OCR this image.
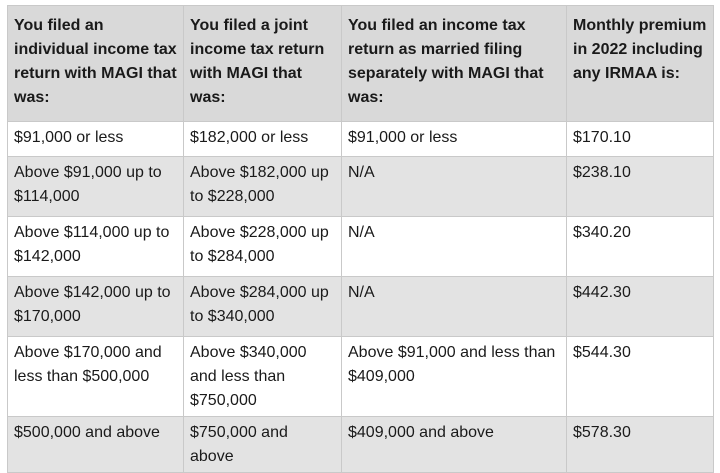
You filed an individual income tax return with MAGI that was:	You filed a joint income tax return with MAGI that was:	You filed an income tax return as married filing separately with MAGI that was:	Monthly premium in 2022 including any IRMAA is:
$91,000 or less	$182,000 or less	$91,000 or less	$170.10
Above $91,000 up to $114,000	Above $182,000 up to $228,000	N/A	$238.10
Above $114,000 up to $142,000	Above $228,000 up to $284,000	N/A	$340.20
Above $142,000 up to $170,000	Above $284,000 up to $340,000	N/A	$442.30
Above $170,000 and less than $500,000	Above $340,000 and less than $750,000	Above $91,000 and less than $409,000	$544.30
$500,000 and above	$750,000 and above	$409,000 and above	$578.30
